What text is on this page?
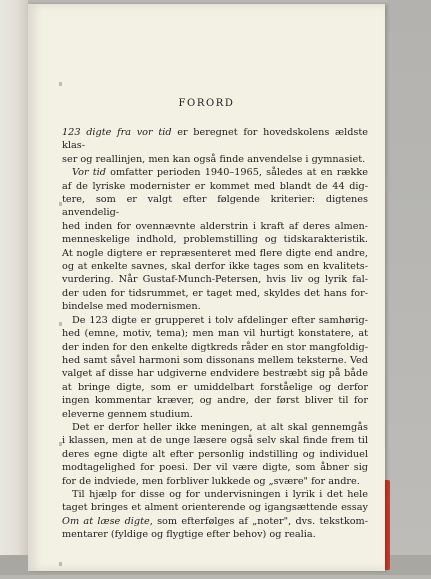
FORORD

123 digte fra vor tid er beregnet for hovedskolens ældste klas-
ser og reallinjen, men kan også finde anvendelse i gymnasiet.

Vor tid omfatter perioden 1940–1965, således at en række
af de lyriske modernister er kommet med blandt de 44 dig-
tere, som er valgt efter følgende kriterier: digtenes anvendelig-
hed inden for ovennævnte alderstrin i kraft af deres almen-
menneskelige indhold, problemstilling og tidskarakteristik.
At nogle digtere er repræsenteret med flere digte end andre,
og at enkelte savnes, skal derfor ikke tages som en kvalitets-
vurdering. Når Gustaf-Munch-Petersen, hvis liv og lyrik fal-
der uden for tidsrummet, er taget med, skyldes det hans for-
bindelse med modernismen.

De 123 digte er grupperet i tolv afdelinger efter samhørig-
hed (emne, motiv, tema); men man vil hurtigt konstatere, at
der inden for den enkelte digtkreds råder en stor mangfoldig-
hed samt såvel harmoni som dissonans mellem teksterne. Ved
valget af disse har udgiverne endvidere bestræbt sig på både
at bringe digte, som er umiddelbart forståelige og derfor
ingen kommentar kræver, og andre, der først bliver til for
eleverne gennem studium.

Det er derfor heller ikke meningen, at alt skal gennemgås
i klassen, men at de unge læsere også selv skal finde frem til
deres egne digte alt efter personlig indstilling og individuel
modtagelighed for poesi. Der vil være digte, som åbner sig
for de indviede, men forbliver lukkede og „svære" for andre.

Til hjælp for disse og for undervisningen i lyrik i det hele
taget bringes et alment orienterende og igangsættende essay
Om at læse digte, som efterfølges af „noter", dvs. tekstkom-
mentarer (fyldige og flygtige efter behov) og realia.
